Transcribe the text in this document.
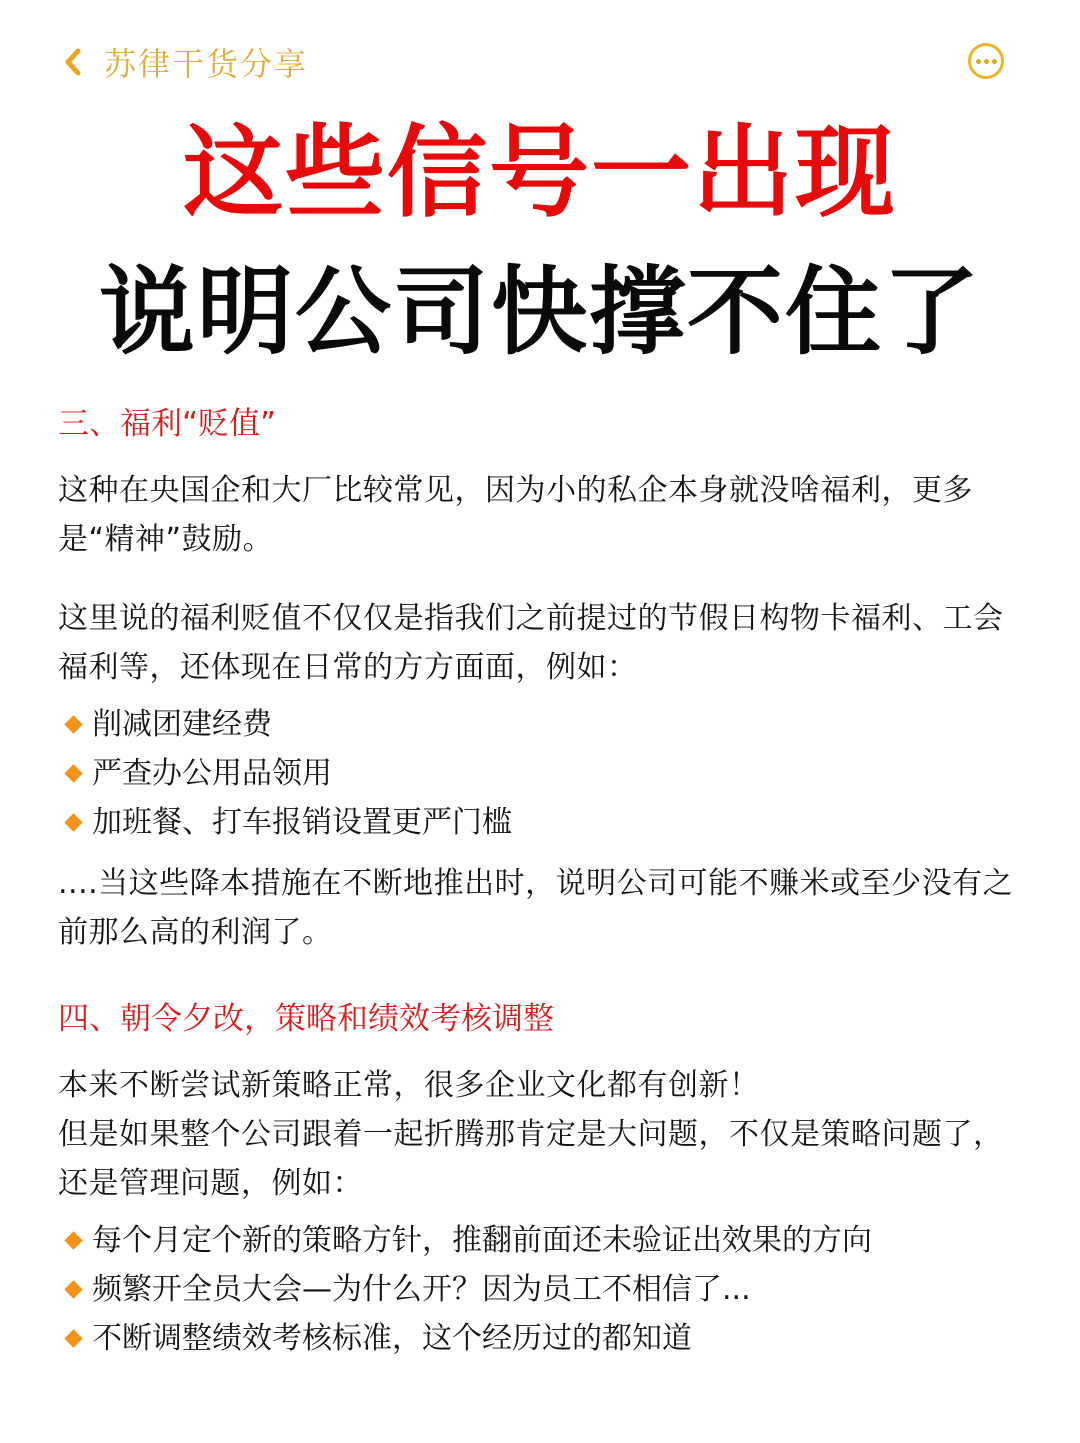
苏律干货分享
这些信号一出现
说明公司快撑不住了
三、福利“贬值”

这种在央国企和大厂比较常见，因为小的私企本身就没啥福利，更多是“精神”鼓励。

这里说的福利贬值不仅仅是指我们之前提过的节假日构物卡福利、工会福利等，还体现在日常的方方面面，例如：

削减团建经费
严查办公用品领用
加班餐、打车报销设置更严门槛

....当这些降本措施在不断地推出时，说明公司可能不赚米或至少没有之前那么高的利润了。

四、朝令夕改，策略和绩效考核调整

本来不断尝试新策略正常，很多企业文化都有创新！

但是如果整个公司跟着一起折腾那肯定是大问题，不仅是策略问题了，还是管理问题，例如：

每个月定个新的策略方针，推翻前面还未验证出效果的方向
频繁开全员大会—为什么开？因为员工不相信了...
不断调整绩效考核标准，这个经历过的都知道
